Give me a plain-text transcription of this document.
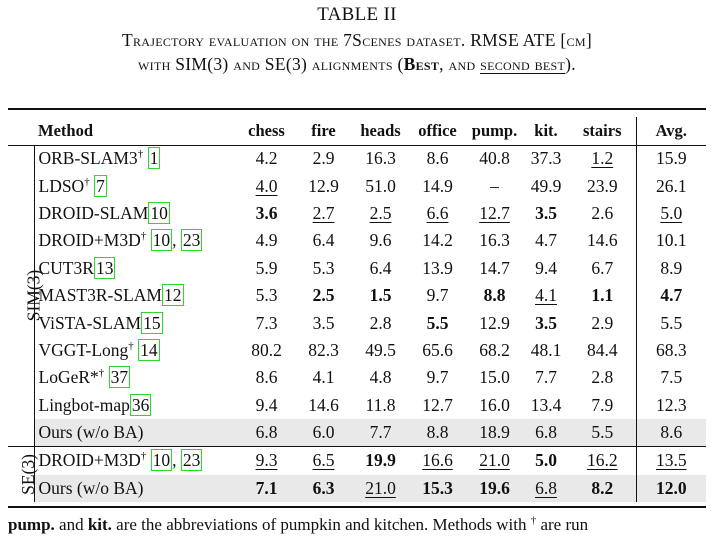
TABLE II
Trajectory evaluation on the 7Scenes dataset. RMSE ATE [cm]
with SIM(3) and SE(3) alignments (Best, and second best).
	Method	chess	fire	heads	office	pump.	kit.	stairs	Avg.
SIM(3)	ORB-SLAM3† 1	4.2	2.9	16.3	8.6	40.8	37.3	1.2	15.9
	LDSO† 7	4.0	12.9	51.0	14.9	–	49.9	23.9	26.1
	DROID-SLAM 10	3.6	2.7	2.5	6.6	12.7	3.5	2.6	5.0
	DROID+M3D† 10 , 23	4.9	6.4	9.6	14.2	16.3	4.7	14.6	10.1
	CUT3R 13	5.9	5.3	6.4	13.9	14.7	9.4	6.7	8.9
	MAST3R-SLAM 12	5.3	2.5	1.5	9.7	8.8	4.1	1.1	4.7
	ViSTA-SLAM 15	7.3	3.5	2.8	5.5	12.9	3.5	2.9	5.5
	VGGT-Long† 14	80.2	82.3	49.5	65.6	68.2	48.1	84.4	68.3
	LoGeR*† 37	8.6	4.1	4.8	9.7	15.0	7.7	2.8	7.5
	Lingbot-map 36	9.4	14.6	11.8	12.7	16.0	13.4	7.9	12.3
	Ours (w/o BA)	6.8	6.0	7.7	8.8	18.9	6.8	5.5	8.6
SE(3)	DROID+M3D† 10 , 23	9.3	6.5	19.9	16.6	21.0	5.0	16.2	13.5
	Ours (w/o BA)	7.1	6.3	21.0	15.3	19.6	6.8	8.2	12.0
pump. and kit. are the abbreviations of pumpkin and kitchen. Methods with † are run
